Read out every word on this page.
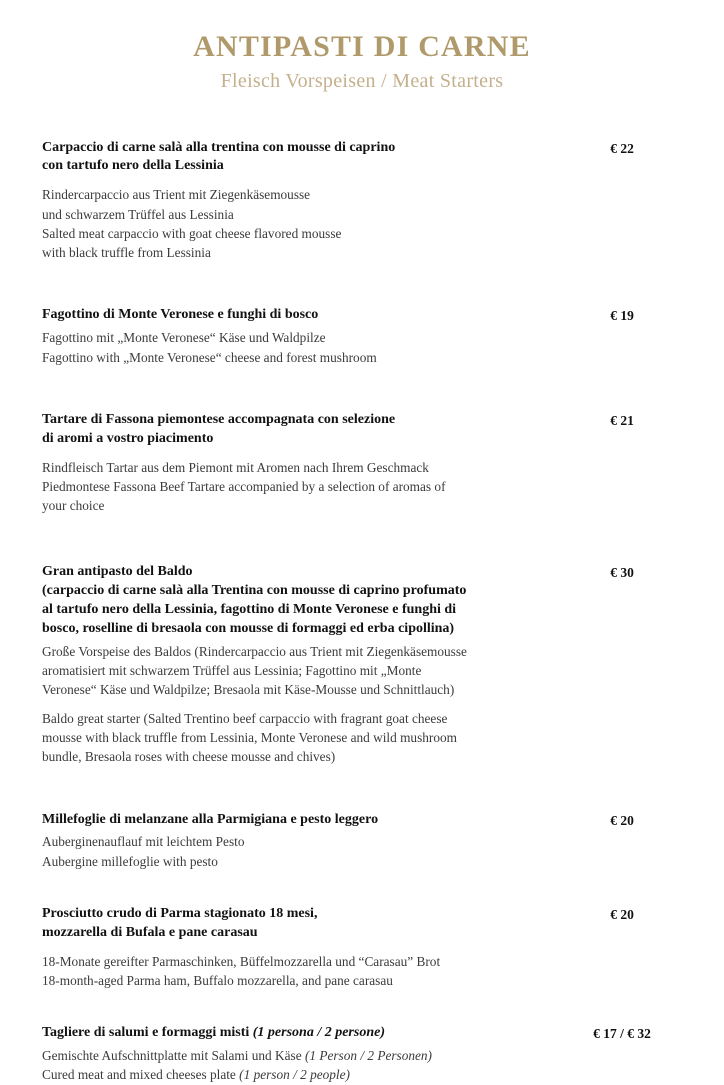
ANTIPASTI DI CARNE
Fleisch Vorspeisen / Meat Starters
Carpaccio di carne salà alla trentina con mousse di caprino
con tartufo nero della Lessinia

Rindercarpaccio aus Trient mit Ziegenkäsemousse

und schwarzem Trüffel aus Lessinia

Salted meat carpaccio with goat cheese flavored mousse

with black truffle from Lessinia

€ 22
Fagottino di Monte Veronese e funghi di bosco

Fagottino mit „Monte Veronese“ Käse und Waldpilze

Fagottino with „Monte Veronese“ cheese and forest mushroom

€ 19
Tartare di Fassona piemontese accompagnata con selezione
di aromi a vostro piacimento

Rindfleisch Tartar aus dem Piemont mit Aromen nach Ihrem Geschmack

Piedmontese Fassona Beef Tartare accompanied by a selection of aromas of

your choice

€ 21
Gran antipasto del Baldo
(carpaccio di carne salà alla Trentina con mousse di caprino profumato
al tartufo nero della Lessinia, fagottino di Monte Veronese e funghi di
bosco, roselline di bresaola con mousse di formaggi ed erba cipollina)

Große Vorspeise des Baldos (Rindercarpaccio aus Trient mit Ziegenkäsemousse

aromatisiert mit schwarzem Trüffel aus Lessinia; Fagottino mit „Monte

Veronese“ Käse und Waldpilze; Bresaola mit Käse-Mousse und Schnittlauch)

Baldo great starter (Salted Trentino beef carpaccio with fragrant goat cheese

mousse with black truffle from Lessinia, Monte Veronese and wild mushroom

bundle, Bresaola roses with cheese mousse and chives)

€ 30
Millefoglie di melanzane alla Parmigiana e pesto leggero

Auberginenauflauf mit leichtem Pesto

Aubergine millefoglie with pesto

€ 20
Prosciutto crudo di Parma stagionato 18 mesi,
mozzarella di Bufala e pane carasau

18-Monate gereifter Parmaschinken, Büffelmozzarella und “Carasau” Brot

18-month-aged Parma ham, Buffalo mozzarella, and pane carasau

€ 20
Tagliere di salumi e formaggi misti (1 persona / 2 persone)

Gemischte Aufschnittplatte mit Salami und Käse (1 Person / 2 Personen)

Cured meat and mixed cheeses plate (1 person / 2 people)

€ 17 / € 32
